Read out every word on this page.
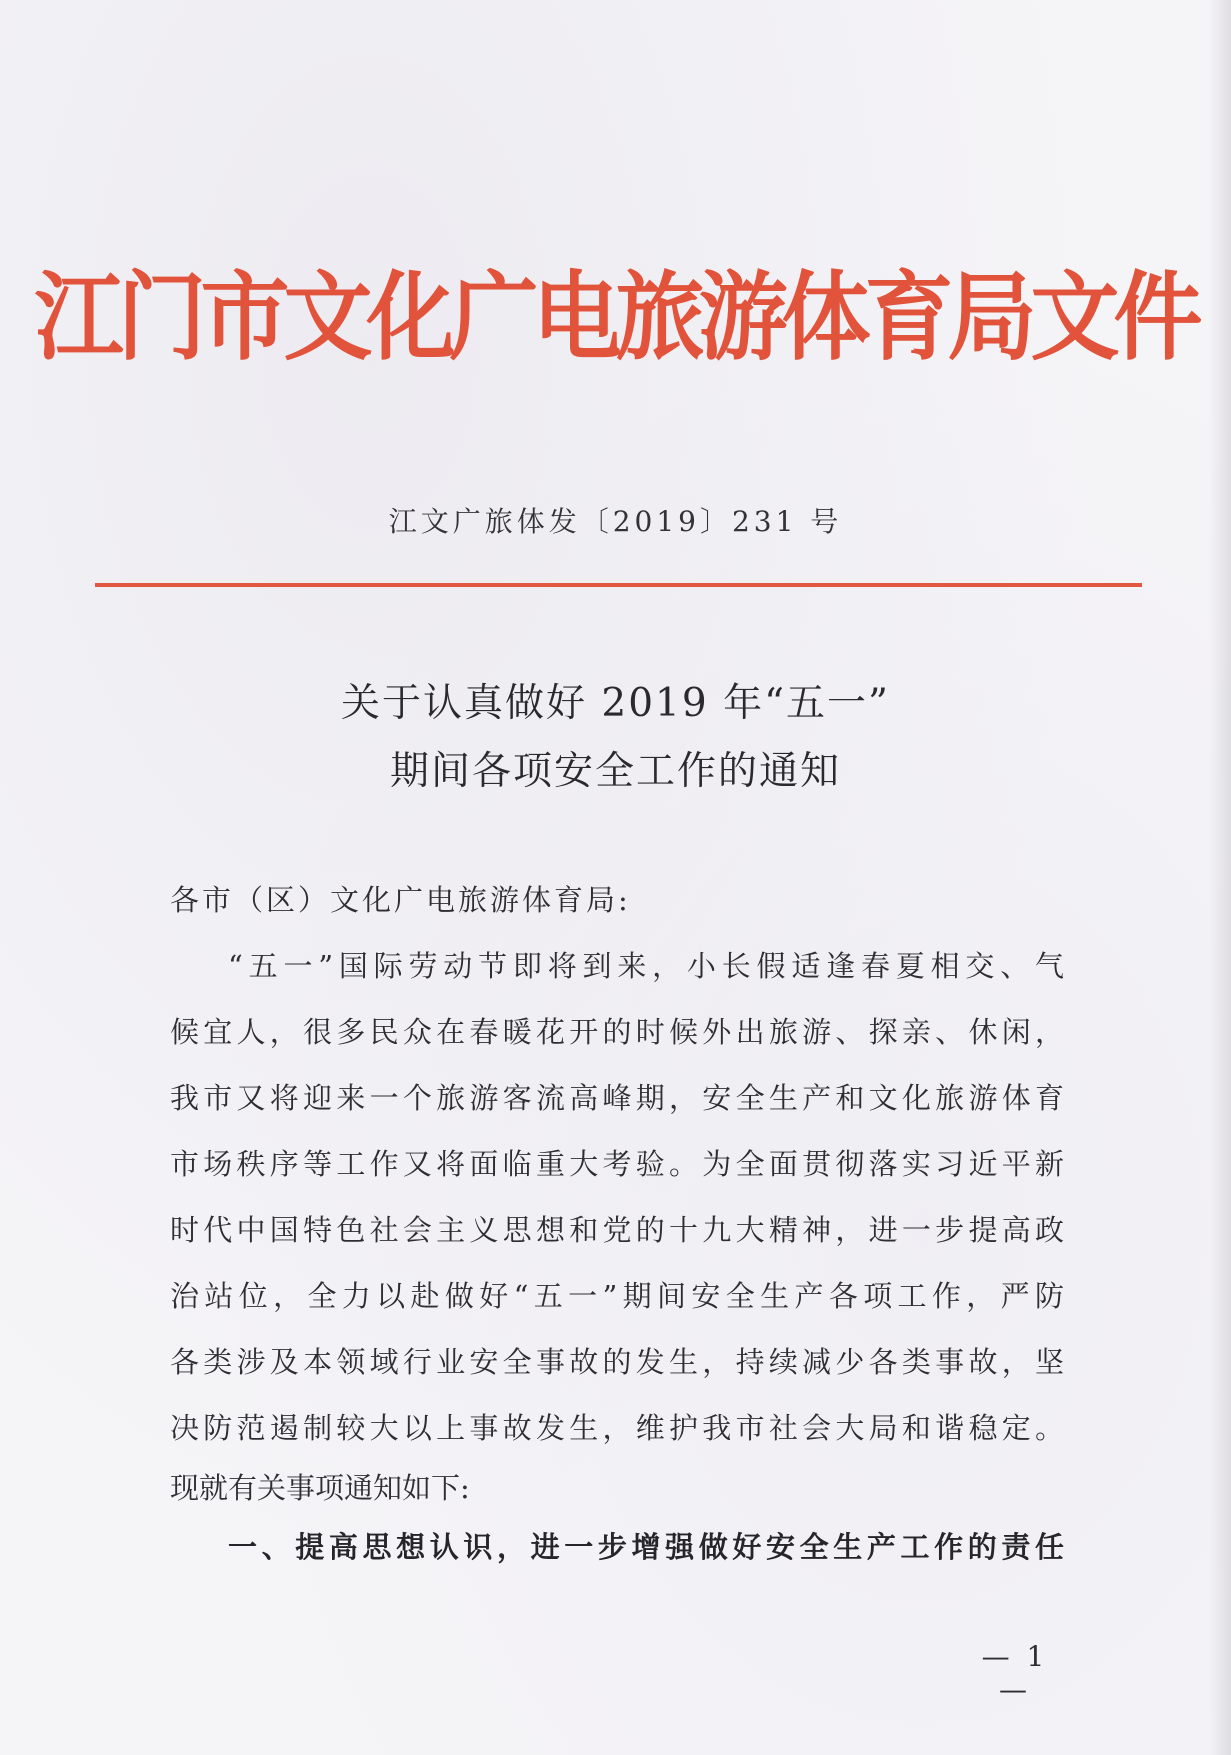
江门市文化广电旅游体育局文件
江文广旅体发〔2019〕231 号
关于认真做好 2019 年“五一”
期间各项安全工作的通知
各市（区）文化广电旅游体育局:
“五一”国际劳动节即将到来，小长假适逢春夏相交、气
候宜人，很多民众在春暖花开的时候外出旅游、探亲、休闲，
我市又将迎来一个旅游客流高峰期，安全生产和文化旅游体育
市场秩序等工作又将面临重大考验。为全面贯彻落实习近平新
时代中国特色社会主义思想和党的十九大精神，进一步提高政
治站位，全力以赴做好“五一”期间安全生产各项工作，严防
各类涉及本领域行业安全事故的发生，持续减少各类事故，坚
决防范遏制较大以上事故发生，维护我市社会大局和谐稳定。
现就有关事项通知如下:
一、提高思想认识，进一步增强做好安全生产工作的责任
— 1 —
